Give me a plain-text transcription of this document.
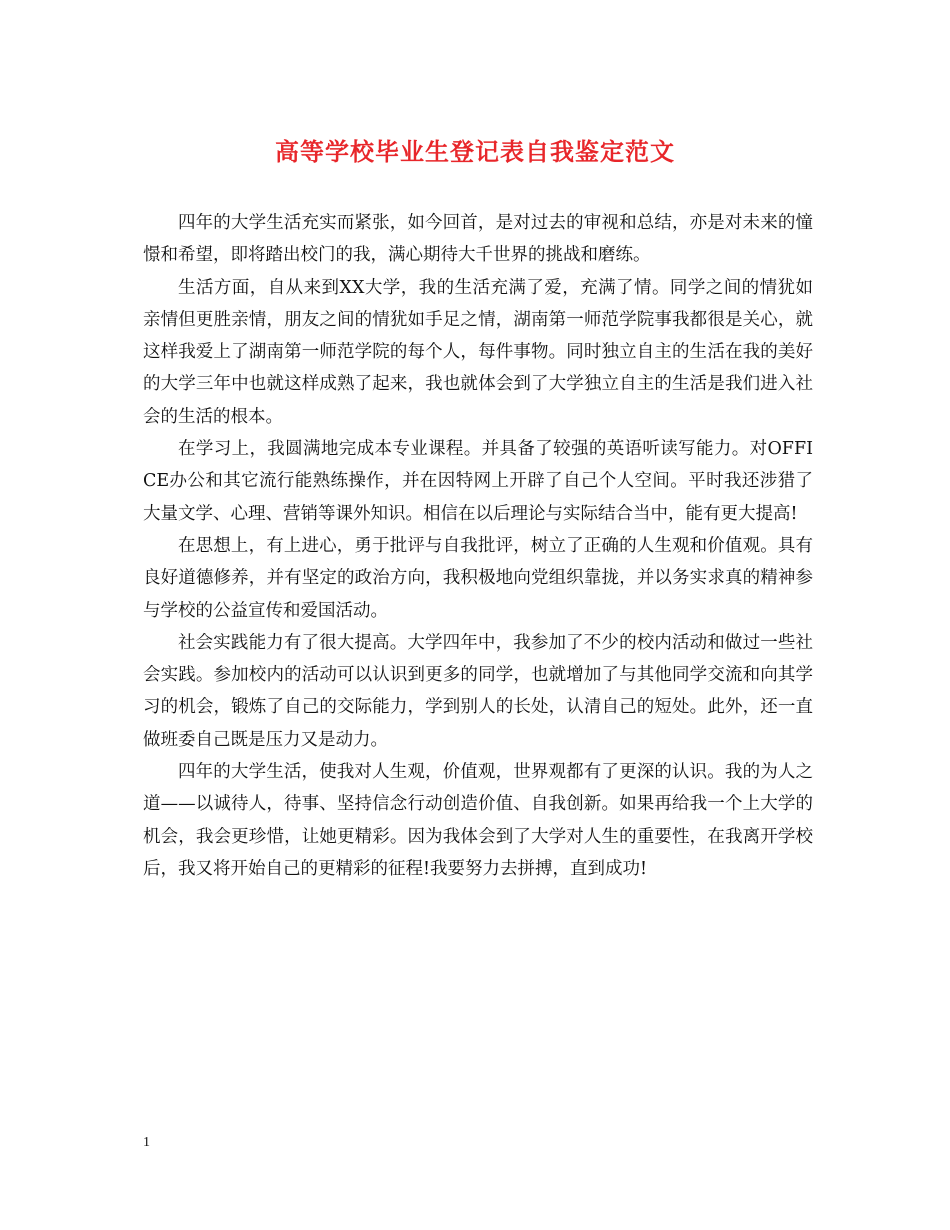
高等学校毕业生登记表自我鉴定范文

四年的大学生活充实而紧张，如今回首，是对过去的审视和总结，亦是对未来的憧憬和希望，即将踏出校门的我，满心期待大千世界的挑战和磨练。

生活方面，自从来到XX大学，我的生活充满了爱，充满了情。同学之间的情犹如亲情但更胜亲情，朋友之间的情犹如手足之情，湖南第一师范学院事我都很是关心，就这样我爱上了湖南第一师范学院的每个人，每件事物。同时独立自主的生活在我的美好的大学三年中也就这样成熟了起来，我也就体会到了大学独立自主的生活是我们进入社会的生活的根本。

在学习上，我圆满地完成本专业课程。并具备了较强的英语听读写能力。对OFFICE办公和其它流行能熟练操作，并在因特网上开辟了自己个人空间。平时我还涉猎了大量文学、心理、营销等课外知识。相信在以后理论与实际结合当中，能有更大提高!

在思想上，有上进心，勇于批评与自我批评，树立了正确的人生观和价值观。具有良好道德修养，并有坚定的政治方向，我积极地向党组织靠拢，并以务实求真的精神参与学校的公益宣传和爱国活动。

社会实践能力有了很大提高。大学四年中，我参加了不少的校内活动和做过一些社会实践。参加校内的活动可以认识到更多的同学，也就增加了与其他同学交流和向其学习的机会，锻炼了自己的交际能力，学到别人的长处，认清自己的短处。此外，还一直做班委自己既是压力又是动力。

四年的大学生活，使我对人生观，价值观，世界观都有了更深的认识。我的为人之道——以诚待人，待事、坚持信念行动创造价值、自我创新。如果再给我一个上大学的机会，我会更珍惜，让她更精彩。因为我体会到了大学对人生的重要性，在我离开学校后，我又将开始自己的更精彩的征程!我要努力去拼搏，直到成功!

1
